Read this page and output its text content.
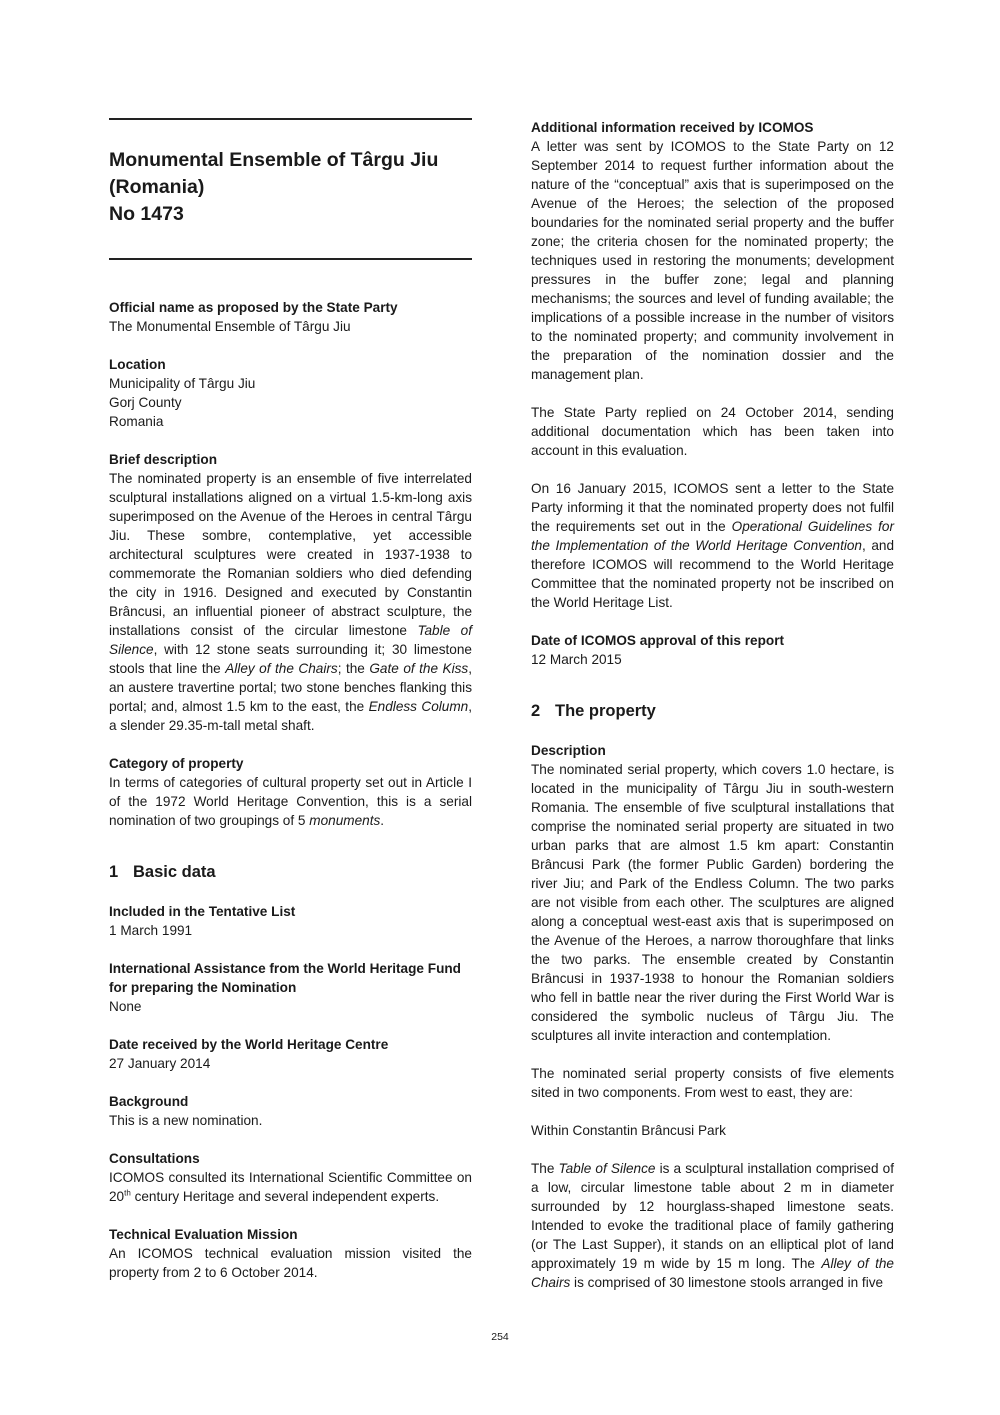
Monumental Ensemble of Târgu Jiu
(Romania)
No 1473

Official name as proposed by the State Party

The Monumental Ensemble of Târgu Jiu

Location

Municipality of Târgu Jiu

Gorj County

Romania

Brief description

The nominated property is an ensemble of five interrelated sculptural installations aligned on a virtual 1.5-km-long axis superimposed on the Avenue of the Heroes in central Târgu Jiu. These sombre, contemplative, yet accessible architectural sculptures were created in 1937-1938 to commemorate the Romanian soldiers who died defending the city in 1916. Designed and executed by Constantin Brâncusi, an influential pioneer of abstract sculpture, the installations consist of the circular limestone Table of Silence, with 12 stone seats surrounding it; 30 limestone stools that line the Alley of the Chairs; the Gate of the Kiss, an austere travertine portal; two stone benches flanking this portal; and, almost 1.5 km to the east, the Endless Column, a slender 29.35-m-tall metal shaft.

Category of property

In terms of categories of cultural property set out in Article I of the 1972 World Heritage Convention, this is a serial nomination of two groupings of 5 monuments.

1 Basic data

Included in the Tentative List

1 March 1991

International Assistance from the World Heritage Fund for preparing the Nomination

None

Date received by the World Heritage Centre

27 January 2014

Background

This is a new nomination.

Consultations

ICOMOS consulted its International Scientific Committee on 20th century Heritage and several independent experts.

Technical Evaluation Mission

An ICOMOS technical evaluation mission visited the property from 2 to 6 October 2014.

Additional information received by ICOMOS

A letter was sent by ICOMOS to the State Party on 12 September 2014 to request further information about the nature of the “conceptual” axis that is superimposed on the Avenue of the Heroes; the selection of the proposed boundaries for the nominated serial property and the buffer zone; the criteria chosen for the nominated property; the techniques used in restoring the monuments; development pressures in the buffer zone; legal and planning mechanisms; the sources and level of funding available; the implications of a possible increase in the number of visitors to the nominated property; and community involvement in the preparation of the nomination dossier and the management plan.

The State Party replied on 24 October 2014, sending additional documentation which has been taken into account in this evaluation.

On 16 January 2015, ICOMOS sent a letter to the State Party informing it that the nominated property does not fulfil the requirements set out in the Operational Guidelines for the Implementation of the World Heritage Convention, and therefore ICOMOS will recommend to the World Heritage Committee that the nominated property not be inscribed on the World Heritage List.

Date of ICOMOS approval of this report

12 March 2015

2 The property

Description

The nominated serial property, which covers 1.0 hectare, is located in the municipality of Târgu Jiu in south-western Romania. The ensemble of five sculptural installations that comprise the nominated serial property are situated in two urban parks that are almost 1.5 km apart: Constantin Brâncusi Park (the former Public Garden) bordering the river Jiu; and Park of the Endless Column. The two parks are not visible from each other. The sculptures are aligned along a conceptual west-east axis that is superimposed on the Avenue of the Heroes, a narrow thoroughfare that links the two parks. The ensemble created by Constantin Brâncusi in 1937-1938 to honour the Romanian soldiers who fell in battle near the river during the First World War is considered the symbolic nucleus of Târgu Jiu. The sculptures all invite interaction and contemplation.

The nominated serial property consists of five elements sited in two components. From west to east, they are:

Within Constantin Brâncusi Park

The Table of Silence is a sculptural installation comprised of a low, circular limestone table about 2 m in diameter surrounded by 12 hourglass-shaped limestone seats. Intended to evoke the traditional place of family gathering (or The Last Supper), it stands on an elliptical plot of land approximately 19 m wide by 15 m long. The Alley of the Chairs is comprised of 30 limestone stools arranged in five

254
